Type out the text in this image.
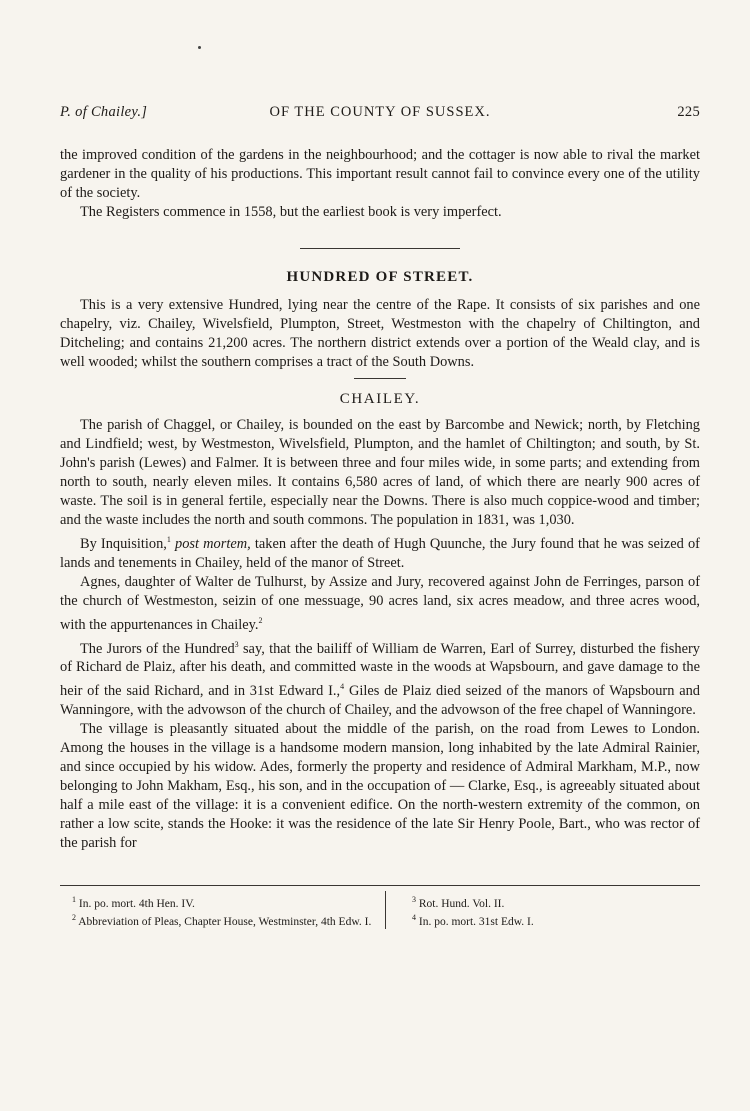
P. of Chailey.]	OF THE COUNTY OF SUSSEX.	225

the improved condition of the gardens in the neighbourhood; and the cottager is now able to rival the market gardener in the quality of his productions. This important result cannot fail to convince every one of the utility of the society.

The Registers commence in 1558, but the earliest book is very imperfect.

HUNDRED OF STREET.

This is a very extensive Hundred, lying near the centre of the Rape. It consists of six parishes and one chapelry, viz. Chailey, Wivelsfield, Plumpton, Street, Westmeston with the chapelry of Chiltington, and Ditcheling; and contains 21,200 acres. The northern district extends over a portion of the Weald clay, and is well wooded; whilst the southern comprises a tract of the South Downs.

CHAILEY.

The parish of Chaggel, or Chailey, is bounded on the east by Barcombe and Newick; north, by Fletching and Lindfield; west, by Westmeston, Wivelsfield, Plumpton, and the hamlet of Chiltington; and south, by St. John's parish (Lewes) and Falmer. It is between three and four miles wide, in some parts; and extending from north to south, nearly eleven miles. It contains 6,580 acres of land, of which there are nearly 900 acres of waste. The soil is in general fertile, especially near the Downs. There is also much coppice-wood and timber; and the waste includes the north and south commons. The population in 1831, was 1,030.

By Inquisition,$^1$ post mortem, taken after the death of Hugh Quunche, the Jury found that he was seized of lands and tenements in Chailey, held of the manor of Street.

Agnes, daughter of Walter de Tulhurst, by Assize and Jury, recovered against John de Ferringes, parson of the church of Westmeston, seizin of one messuage, 90 acres land, six acres meadow, and three acres wood, with the appurtenances in Chailey.$^2$

The Jurors of the Hundred$^3$ say, that the bailiff of William de Warren, Earl of Surrey, disturbed the fishery of Richard de Plaiz, after his death, and committed waste in the woods at Wapsbourn, and gave damage to the heir of the said Richard, and in 31st Edward I.,$^4$ Giles de Plaiz died seized of the manors of Wapsbourn and Wanningore, with the advowson of the church of Chailey, and the advowson of the free chapel of Wanningore.

The village is pleasantly situated about the middle of the parish, on the road from Lewes to London. Among the houses in the village is a handsome modern mansion, long inhabited by the late Admiral Rainier, and since occupied by his widow. Ades, formerly the property and residence of Admiral Markham, M.P., now belonging to John Makham, Esq., his son, and in the occupation of — Clarke, Esq., is agreeably situated about half a mile east of the village: it is a convenient edifice. On the north-western extremity of the common, on rather a low scite, stands the Hooke: it was the residence of the late Sir Henry Poole, Bart., who was rector of the parish for

$^1$ In. po. mort. 4th Hen. IV.
$^2$ Abbreviation of Pleas, Chapter House, Westminster, 4th Edw. I.
$^3$ Rot. Hund. Vol. II.
$^4$ In. po. mort. 31st Edw. I.
